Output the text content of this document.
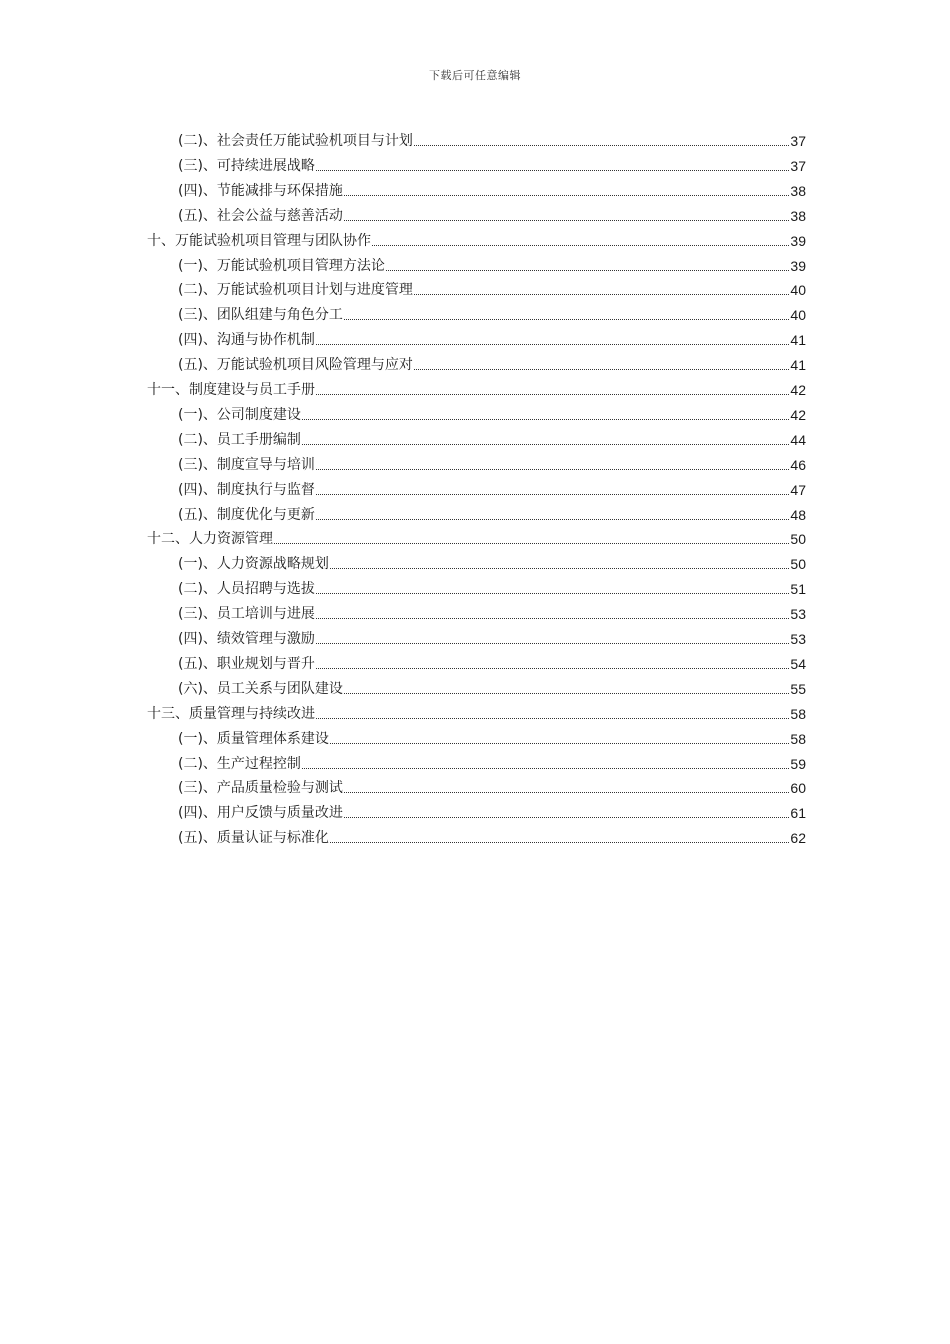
下载后可任意编辑
(二)、社会责任万能试验机项目与计划	37
(三)、可持续进展战略	37
(四)、节能减排与环保措施	38
(五)、社会公益与慈善活动	38
十、万能试验机项目管理与团队协作	39
(一)、万能试验机项目管理方法论	39
(二)、万能试验机项目计划与进度管理	40
(三)、团队组建与角色分工	40
(四)、沟通与协作机制	41
(五)、万能试验机项目风险管理与应对	41
十一、制度建设与员工手册	42
(一)、公司制度建设	42
(二)、员工手册编制	44
(三)、制度宣导与培训	46
(四)、制度执行与监督	47
(五)、制度优化与更新	48
十二、人力资源管理	50
(一)、人力资源战略规划	50
(二)、人员招聘与选拔	51
(三)、员工培训与进展	53
(四)、绩效管理与激励	53
(五)、职业规划与晋升	54
(六)、员工关系与团队建设	55
十三、质量管理与持续改进	58
(一)、质量管理体系建设	58
(二)、生产过程控制	59
(三)、产品质量检验与测试	60
(四)、用户反馈与质量改进	61
(五)、质量认证与标准化	62
